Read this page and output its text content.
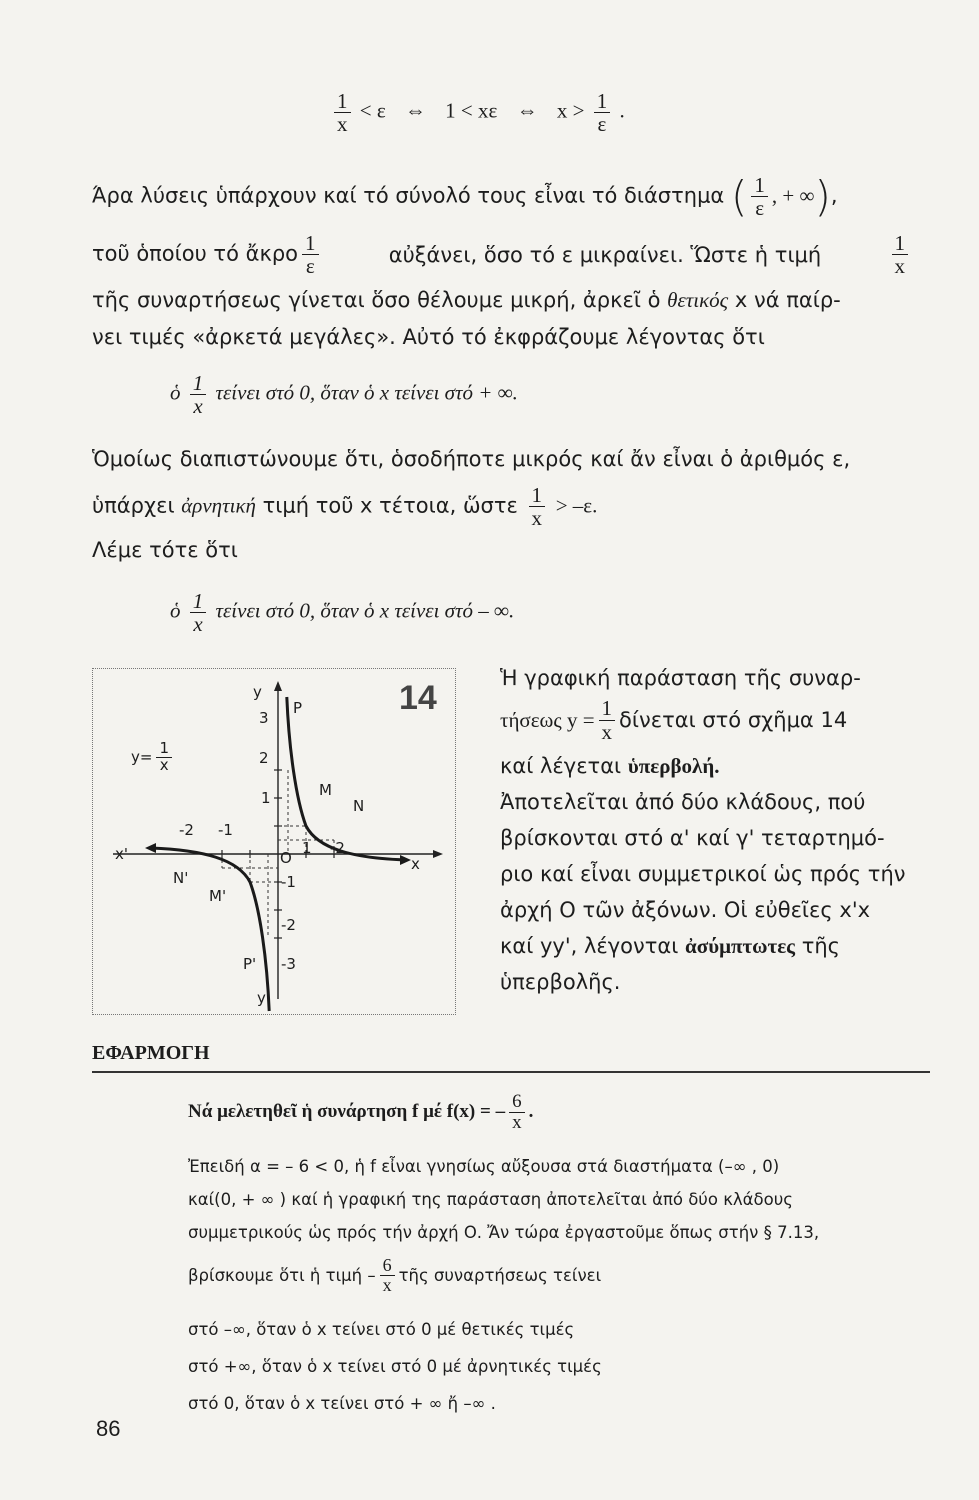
$\frac{1}{x} < \varepsilon$ ⇔ 1 < xε ⇔ $x > \frac{1}{\varepsilon}$ .
Άρα λύσεις ὑπάρχουν καί τό σύνολό τους εἶναι τό διάστημα ( $\frac{1}{\varepsilon}$ , + ∞),
τοῦ ὁποίου τό ἄκρο $\frac{1}{\varepsilon}$	αὐξάνει, ὅσο τό ε μικραίνει. Ὥστε ἡ τιμή	$\frac{1}{x}$
τῆς συναρτήσεως γίνεται ὅσο θέλουμε μικρή, ἀρκεῖ ὁ θετικός x νά παίρ-
νει τιμές «ἀρκετά μεγάλες». Αὐτό τό ἐκφράζουμε λέγοντας ὅτι
ὁ $\frac{1}{x}$ τείνει στό 0, ὅταν ὁ x τείνει στό + ∞.
Ὁμοίως διαπιστώνουμε ὅτι, ὁσοδήποτε μικρός καί ἄν εἶναι ὁ ἀριθμός ε,
ὑπάρχει ἀρνητική τιμή τοῦ x τέτοια, ὥστε $\frac{1}{x} > -\varepsilon$.
Λέμε τότε ὅτι
ὁ $\frac{1}{x}$ τείνει στό 0, ὅταν ὁ x τείνει στό – ∞.
14
$y= \frac{1}{x}$
y
y'
x
x'	O
1 -2
-2 -1
3
2
1
-1
-2
-3
P
M
N
P'
M'
N'
Ἡ γραφική παράσταση τῆς συναρ-
τήσεως $y = \frac{1}{x}$ δίνεται στό σχῆμα 14
καί λέγεται ὑπερβολή.
Ἀποτελεῖται ἀπό δύο κλάδους, πού
βρίσκονται στό α' καί γ' τεταρτημό-
ριο καί εἶναι συμμετρικοί ὡς πρός τήν
ἀρχή Ο τῶν ἀξόνων. Οἱ εὐθεῖες x'x
καί yy', λέγονται ἀσύμπτωτες τῆς
ὑπερβολῆς.
ΕΦΑΡΜΟΓΗ
Νά μελετηθεῖ ἡ συνάρτηση f μέ f(x) = – $\frac{6}{x}$ .
Ἐπειδή α = – 6 < 0, ἡ f εἶναι γνησίως αὔξουσα στά διαστήματα (–∞ , 0)
καί(0, + ∞ ) καί ἡ γραφική της παράσταση ἀποτελεῖται ἀπό δύο κλάδους
συμμετρικούς ὡς πρός τήν ἀρχή Ο. Ἄν τώρα ἐργαστοῦμε ὅπως στήν § 7.13,
βρίσκουμε ὅτι ἡ τιμή – $\frac{6}{x}$ τῆς συναρτήσεως τείνει
στό –∞, ὅταν ὁ x τείνει στό 0 μέ θετικές τιμές
στό +∞, ὅταν ὁ x τείνει στό 0 μέ ἀρνητικές τιμές
στό 0, ὅταν ὁ x τείνει στό + ∞ ἤ –∞ .
86
